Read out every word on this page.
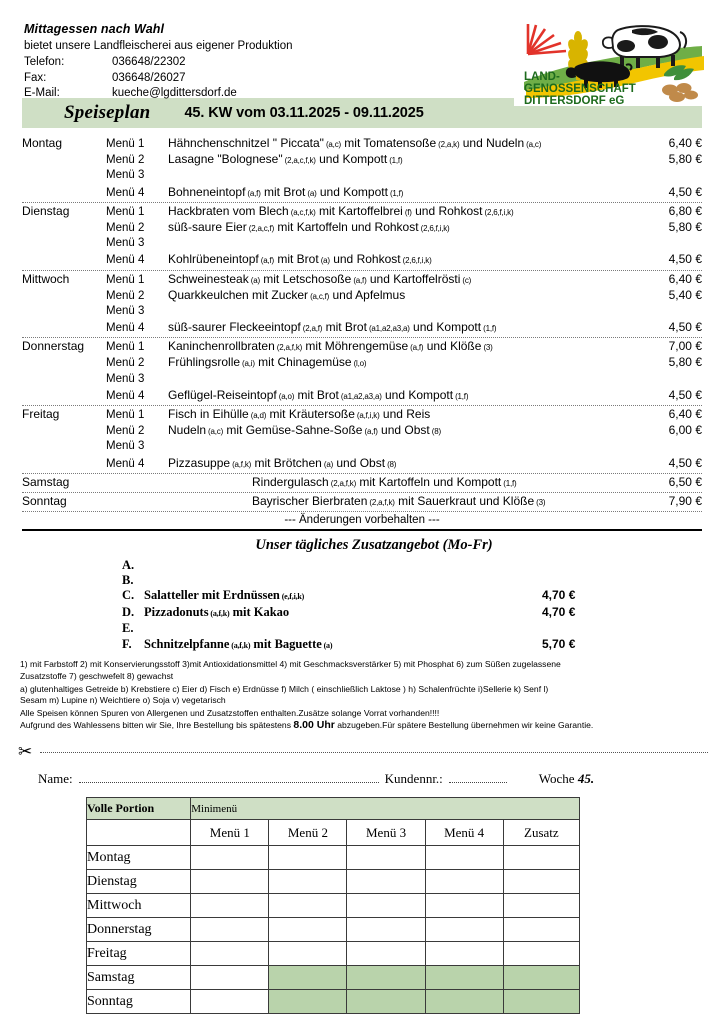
Mittagessen nach Wahl
bietet unsere Landfleischerei aus eigener Produktion
Telefon:	036648/22302
Fax:	036648/26027
E-Mail:	kueche@lgdittersdorf.de
LAND-
GENOSSENSCHAFT
DITTERSDORF eG
Speiseplan 45. KW vom 03.11.2025 - 09.11.2025
Montag	Menü 1	Hähnchenschnitzel " Piccata" (a,c) mit Tomatensoße (2,a,k) und Nudeln (a,c)	6,40 €
Menü 2	Lasagne "Bolognese" (2,a,c,f,k) und Kompott (1,f)	5,80 €
Menü 3
Menü 4	Bohneneintopf (a,f) mit Brot (a) und Kompott (1,f)	4,50 €
Dienstag	Menü 1	Hackbraten vom Blech (a,c,f,k) mit Kartoffelbrei (f) und Rohkost (2,6,f,i,k)	6,80 €
Menü 2	süß-saure Eier (2,a,c,f) mit Kartoffeln und Rohkost (2,6,f,i,k)	5,80 €
Menü 3
Menü 4	Kohlrübeneintopf (a,f) mit Brot (a) und Rohkost (2,6,f,i,k)	4,50 €
Mittwoch	Menü 1	Schweinesteak (a) mit Letschosoße (a,f) und Kartoffelrösti (c)	6,40 €
Menü 2	Quarkkeulchen mit Zucker (a,c,f) und Apfelmus	5,40 €
Menü 3
Menü 4	süß-saurer Fleckeeintopf (2,a,f) mit Brot (a1,a2,a3,a) und Kompott (1,f)	4,50 €
Donnerstag	Menü 1	Kaninchenrollbraten (2,a,f,k) mit Möhrengemüse (a,f) und Klöße (3)	7,00 €
Menü 2	Frühlingsrolle (a,i) mit Chinagemüse (l,o)	5,80 €
Menü 3
Menü 4	Geflügel-Reiseintopf (a,o) mit Brot (a1,a2,a3,a) und Kompott (1,f)	4,50 €
Freitag	Menü 1	Fisch in Eihülle (a,d) mit Kräutersoße (a,f,i,k) und Reis	6,40 €
Menü 2	Nudeln (a,c) mit Gemüse-Sahne-Soße (a,f) und Obst (8)	6,00 €
Menü 3
Menü 4	Pizzasuppe (a,f,k) mit Brötchen (a) und Obst (8)	4,50 €
Samstag	Rindergulasch (2,a,f,k) mit Kartoffeln und Kompott (1,f)	6,50 €
Sonntag	Bayrischer Bierbraten (2,a,f,k) mit Sauerkraut und Klöße (3)	7,90 €
--- Änderungen vorbehalten ---
Unser tägliches Zusatzangebot (Mo-Fr)
A.
B.
C. Salatteller mit Erdnüssen (e,f,i,k)	4,70 €
D. Pizzadonuts (a,f,k) mit Kakao	4,70 €
E.
F. Schnitzelpfanne (a,f,k) mit Baguette (a)	5,70 €

1) mit Farbstoff 2) mit Konservierungsstoff 3)mit Antioxidationsmittel 4) mit Geschmacksverstärker 5) mit Phosphat 6) zum Süßen zugelassene

Zusatzstoffe 7) geschwefelt 8) gewachst

a) glutenhaltiges Getreide b) Krebstiere c) Eier d) Fisch e) Erdnüsse f) Milch ( einschließlich Laktose ) h) Schalenfrüchte i)Sellerie k) Senf l)

Sesam m) Lupine n) Weichtiere o) Soja v) vegetarisch

Alle Speisen können Spuren von Allergenen und Zusatzstoffen enthalten.Zusätze solange Vorrat vorhanden!!!!

Aufgrund des Wahlessens bitten wir Sie, Ihre Bestellung bis spätestens 8.00 Uhr abzugeben.Für spätere Bestellung übernehmen wir keine Garantie.

✂
Name:	Kundennr.:	Woche 45.
Volle Portion	Minimenü				
	Menü 1	Menü 2	Menü 3	Menü 4	Zusatz
Montag					
Dienstag					
Mittwoch					
Donnerstag					
Freitag					
Samstag					
Sonntag					
